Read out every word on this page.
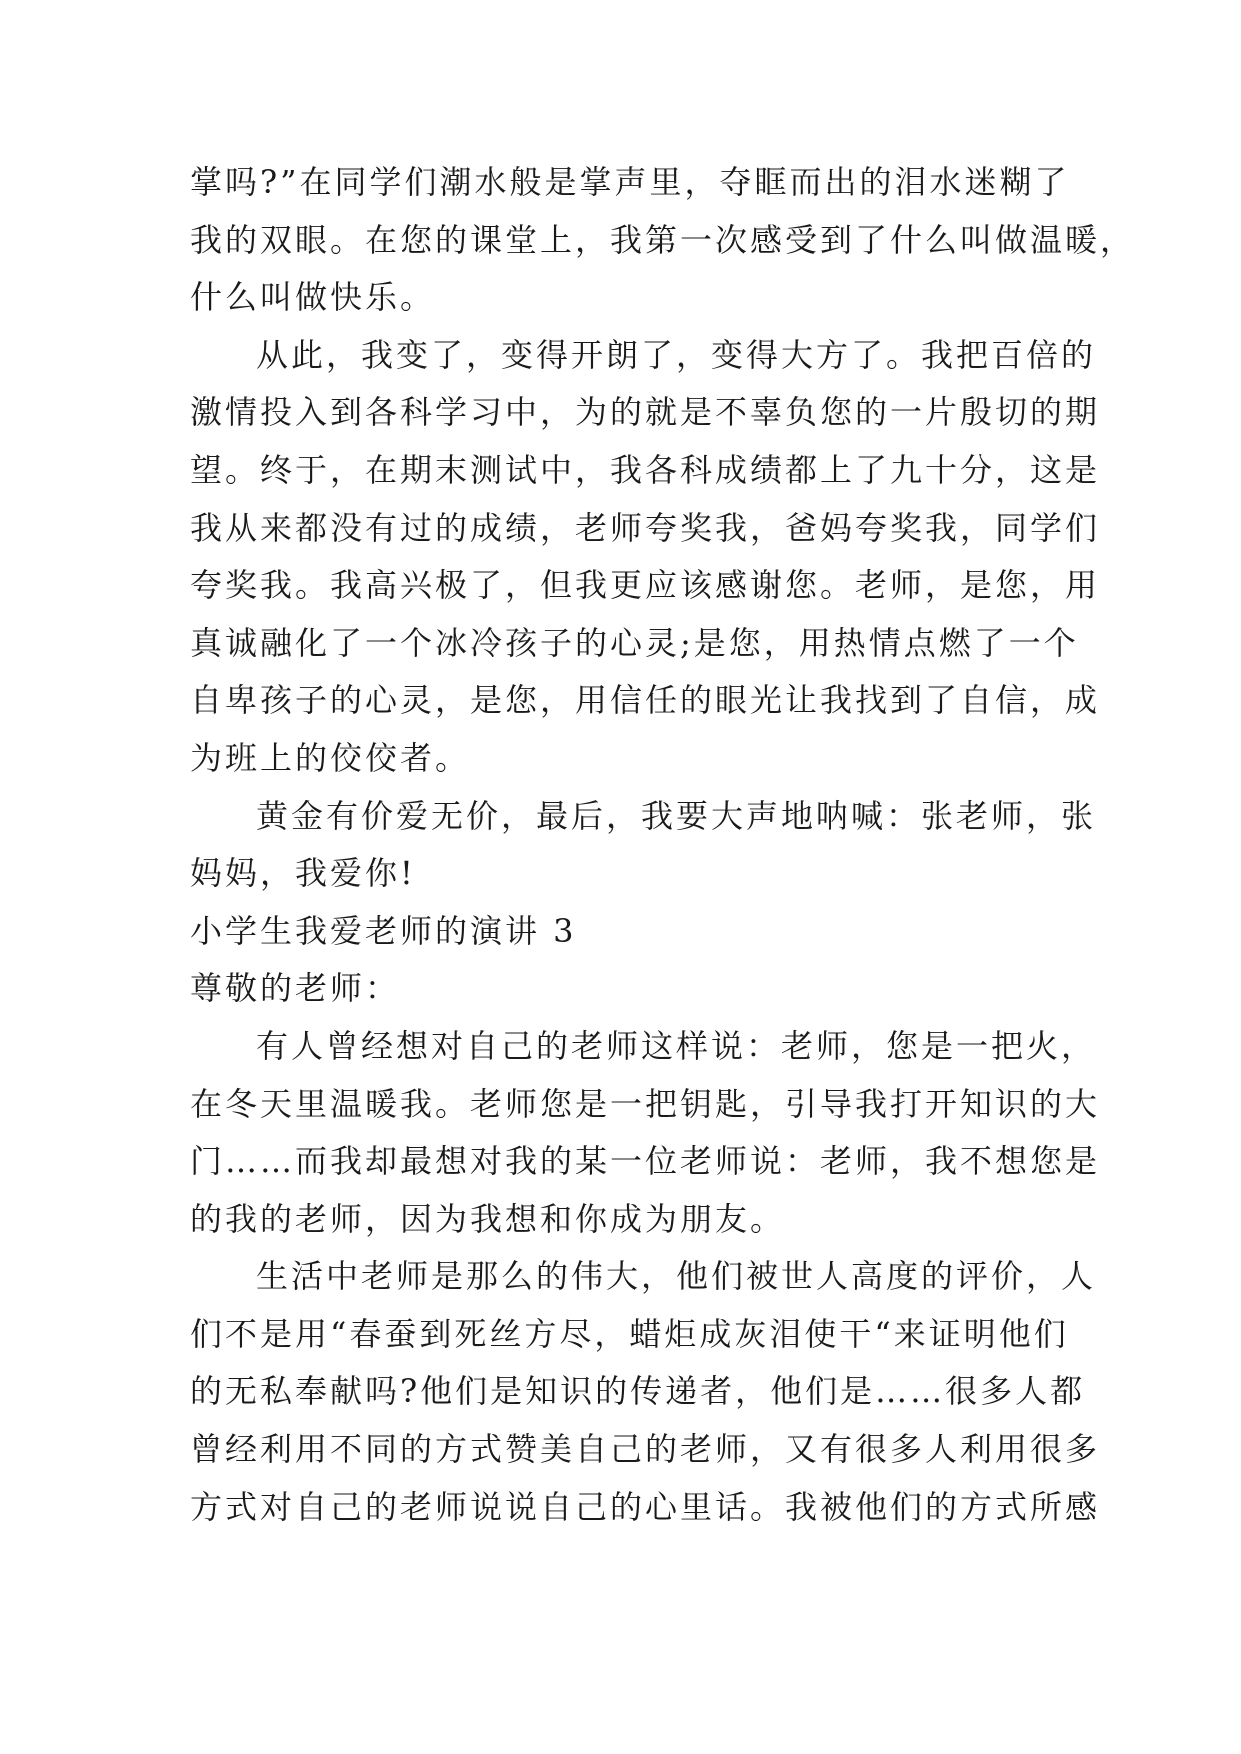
掌吗?”在同学们潮水般是掌声里，夺眶而出的泪水迷糊了
我的双眼。在您的课堂上，我第一次感受到了什么叫做温暖，
什么叫做快乐。
从此，我变了，变得开朗了，变得大方了。我把百倍的
激情投入到各科学习中，为的就是不辜负您的一片殷切的期
望。终于，在期末测试中，我各科成绩都上了九十分，这是
我从来都没有过的成绩，老师夸奖我，爸妈夸奖我，同学们
夸奖我。我高兴极了，但我更应该感谢您。老师，是您，用
真诚融化了一个冰冷孩子的心灵;是您，用热情点燃了一个
自卑孩子的心灵，是您，用信任的眼光让我找到了自信，成
为班上的佼佼者。
黄金有价爱无价，最后，我要大声地呐喊：张老师，张
妈妈，我爱你!
小学生我爱老师的演讲 3
尊敬的老师：
有人曾经想对自己的老师这样说：老师，您是一把火，
在冬天里温暖我。老师您是一把钥匙，引导我打开知识的大
门……而我却最想对我的某一位老师说：老师，我不想您是
的我的老师，因为我想和你成为朋友。
生活中老师是那么的伟大，他们被世人高度的评价，人
们不是用“春蚕到死丝方尽，蜡炬成灰泪使干“来证明他们
的无私奉献吗?他们是知识的传递者，他们是……很多人都
曾经利用不同的方式赞美自己的老师，又有很多人利用很多
方式对自己的老师说说自己的心里话。我被他们的方式所感
